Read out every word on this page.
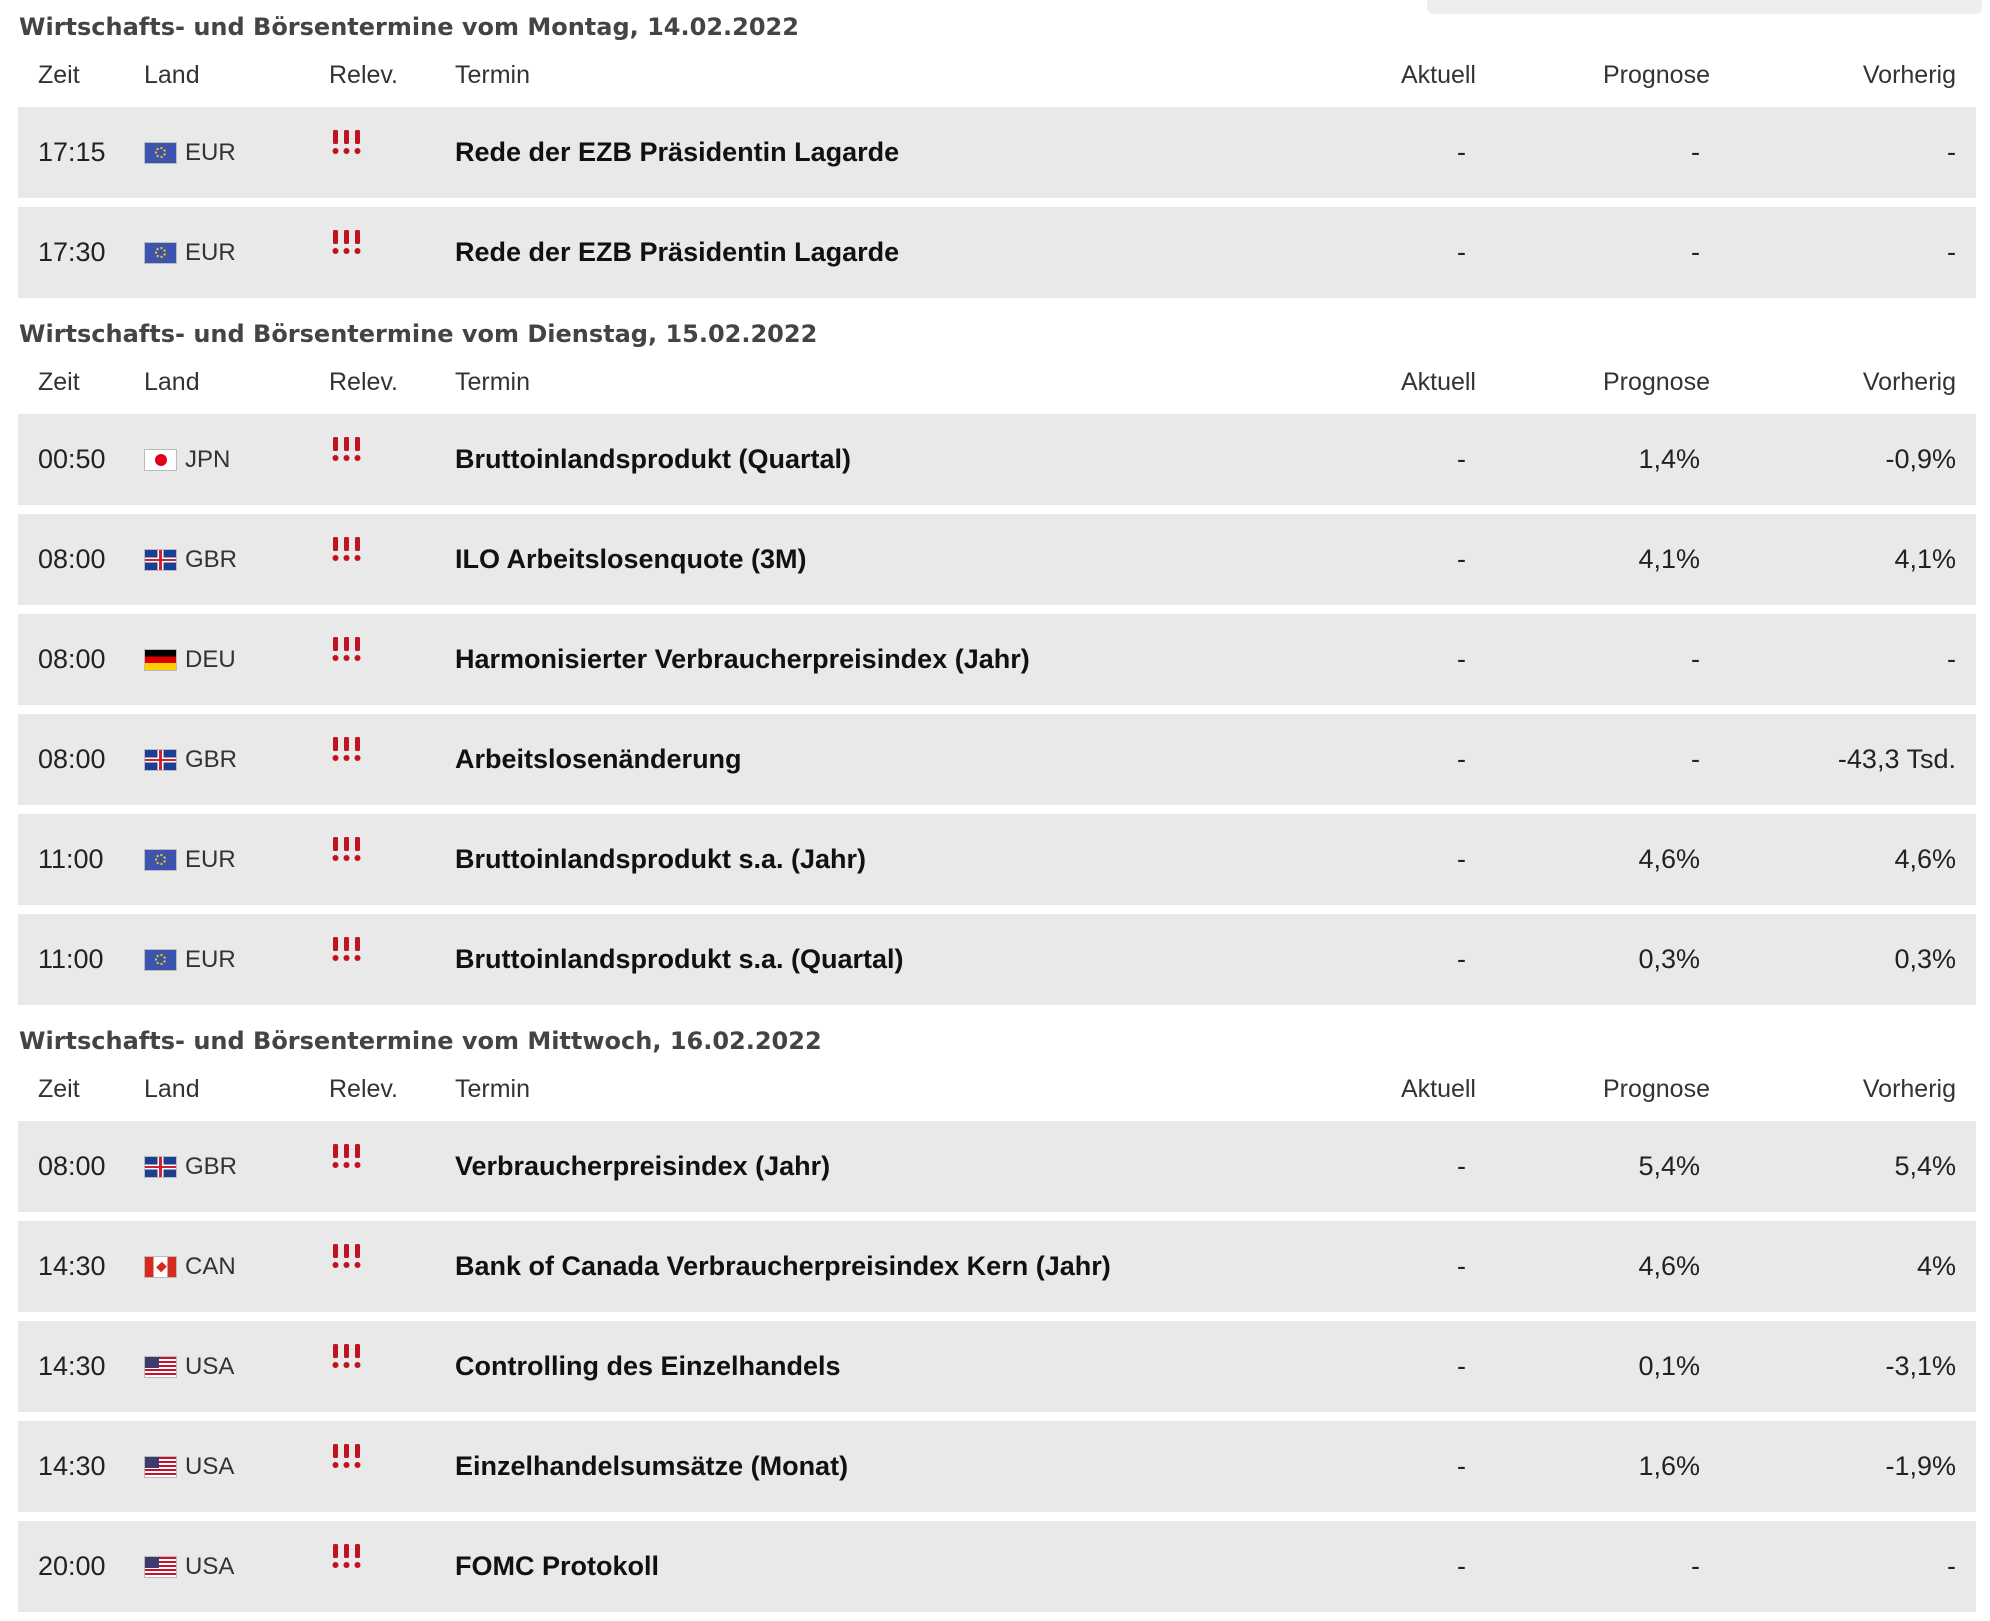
Wirtschafts- und Börsentermine vom Montag, 14.02.2022
Zeit	Land	Relev.	Termin	Aktuell	Prognose	Vorherig
17:15	EUR	Rede der EZB Präsidentin Lagarde	-	-	-
17:30	EUR	Rede der EZB Präsidentin Lagarde	-	-	-
Wirtschafts- und Börsentermine vom Dienstag, 15.02.2022
Zeit	Land	Relev.	Termin	Aktuell	Prognose	Vorherig
00:50	JPN	Bruttoinlandsprodukt (Quartal)	-	1,4%	-0,9%
08:00	GBR	ILO Arbeitslosenquote (3M)	-	4,1%	4,1%
08:00	DEU	Harmonisierter Verbraucherpreisindex (Jahr)	-	-	-
08:00	GBR	Arbeitslosenänderung	-	-	-43,3 Tsd.
11:00	EUR	Bruttoinlandsprodukt s.a. (Jahr)	-	4,6%	4,6%
11:00	EUR	Bruttoinlandsprodukt s.a. (Quartal)	-	0,3%	0,3%
Wirtschafts- und Börsentermine vom Mittwoch, 16.02.2022
Zeit	Land	Relev.	Termin	Aktuell	Prognose	Vorherig
08:00	GBR	Verbraucherpreisindex (Jahr)	-	5,4%	5,4%
14:30	CAN	Bank of Canada Verbraucherpreisindex Kern (Jahr)	-	4,6%	4%
14:30	USA	Controlling des Einzelhandels	-	0,1%	-3,1%
14:30	USA	Einzelhandelsumsätze (Monat)	-	1,6%	-1,9%
20:00	USA	FOMC Protokoll	-	-	-
